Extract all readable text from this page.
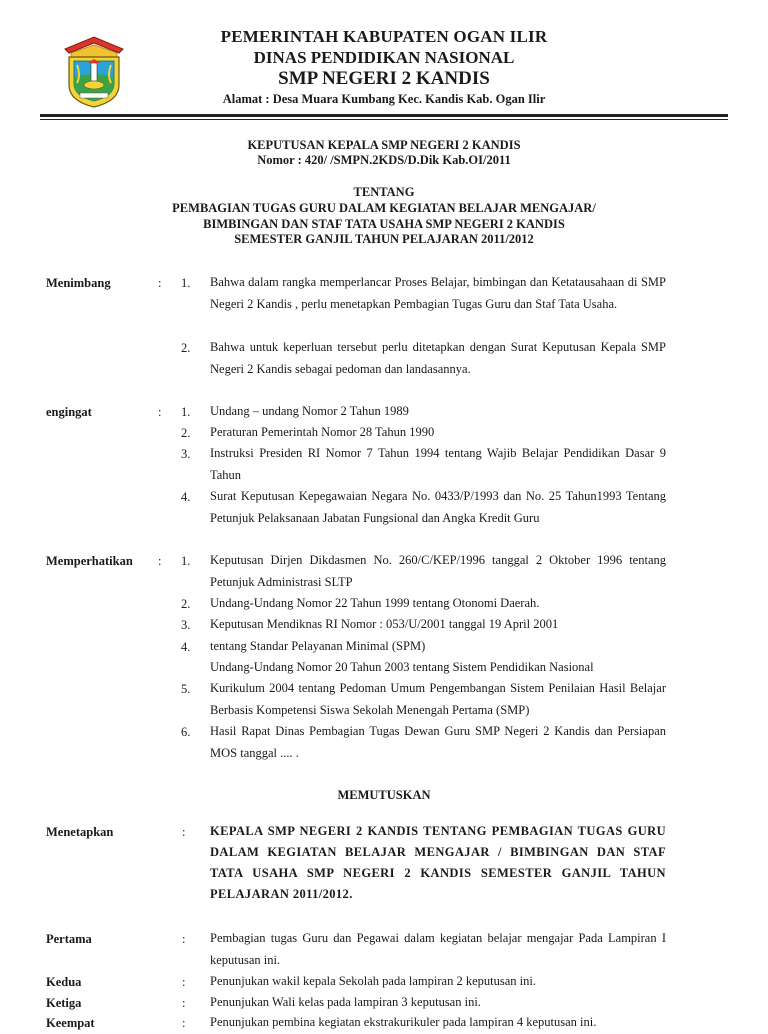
PEMERINTAH KABUPATEN OGAN ILIR
DINAS PENDIDIKAN NASIONAL
SMP NEGERI 2 KANDIS
Alamat : Desa Muara Kumbang Kec. Kandis Kab. Ogan Ilir
KEPUTUSAN KEPALA SMP NEGERI 2 KANDIS
Nomor : 420/ /SMPN.2KDS/D.Dik Kab.OI/2011
TENTANG
PEMBAGIAN TUGAS GURU DALAM KEGIATAN BELAJAR MENGAJAR/
BIMBINGAN DAN STAF TATA USAHA SMP NEGERI 2 KANDIS
SEMESTER GANJIL TAHUN PELAJARAN 2011/2012
Menimbang	: 1. Bahwa dalam rangka memperlancar Proses Belajar, bimbingan dan Ketatausahaan di SMP Negeri 2 Kandis , perlu menetapkan Pembagian Tugas Guru dan Staf Tata Usaha.
2. Bahwa untuk keperluan tersebut perlu ditetapkan dengan Surat Keputusan Kepala SMP Negeri 2 Kandis sebagai pedoman dan landasannya.
engingat	: 1. Undang – undang Nomor 2 Tahun 1989
2. Peraturan Pemerintah Nomor 28 Tahun 1990
3. Instruksi Presiden RI Nomor 7 Tahun 1994 tentang Wajib Belajar Pendidikan Dasar 9 Tahun
4. Surat Keputusan Kepegawaian Negara No. 0433/P/1993 dan No. 25 Tahun1993 Tentang Petunjuk Pelaksanaan Jabatan Fungsional dan Angka Kredit Guru
Memperhatikan : 1. Keputusan Dirjen Dikdasmen No. 260/C/KEP/1996 tanggal 2 Oktober 1996 tentang Petunjuk Administrasi SLTP
2. Undang-Undang Nomor 22 Tahun 1999 tentang Otonomi Daerah.
3. Keputusan Mendiknas RI Nomor : 053/U/2001 tanggal 19 April 2001
4. tentang Standar Pelayanan Minimal (SPM)
Undang-Undang Nomor 20 Tahun 2003 tentang Sistem Pendidikan Nasional
5. Kurikulum 2004 tentang Pedoman Umum Pengembangan Sistem Penilaian Hasil Belajar Berbasis Kompetensi Siswa Sekolah Menengah Pertama (SMP)
6. Hasil Rapat Dinas Pembagian Tugas Dewan Guru SMP Negeri 2 Kandis dan Persiapan MOS tanggal .... .
MEMUTUSKAN
Menetapkan	: KEPALA SMP NEGERI 2 KANDIS TENTANG PEMBAGIAN TUGAS GURU DALAM KEGIATAN BELAJAR MENGAJAR / BIMBINGAN DAN STAF TATA USAHA SMP NEGERI 2 KANDIS SEMESTER GANJIL TAHUN PELAJARAN 2011/2012.
Pertama	: Pembagian tugas Guru dan Pegawai dalam kegiatan belajar mengajar Pada Lampiran I keputusan ini.
Kedua	: Penunjukan wakil kepala Sekolah pada lampiran 2 keputusan ini.
Ketiga	: Penunjukan Wali kelas pada lampiran 3 keputusan ini.
Keempat	: Penunjukan pembina kegiatan ekstrakurikuler pada lampiran 4 keputusan ini.
